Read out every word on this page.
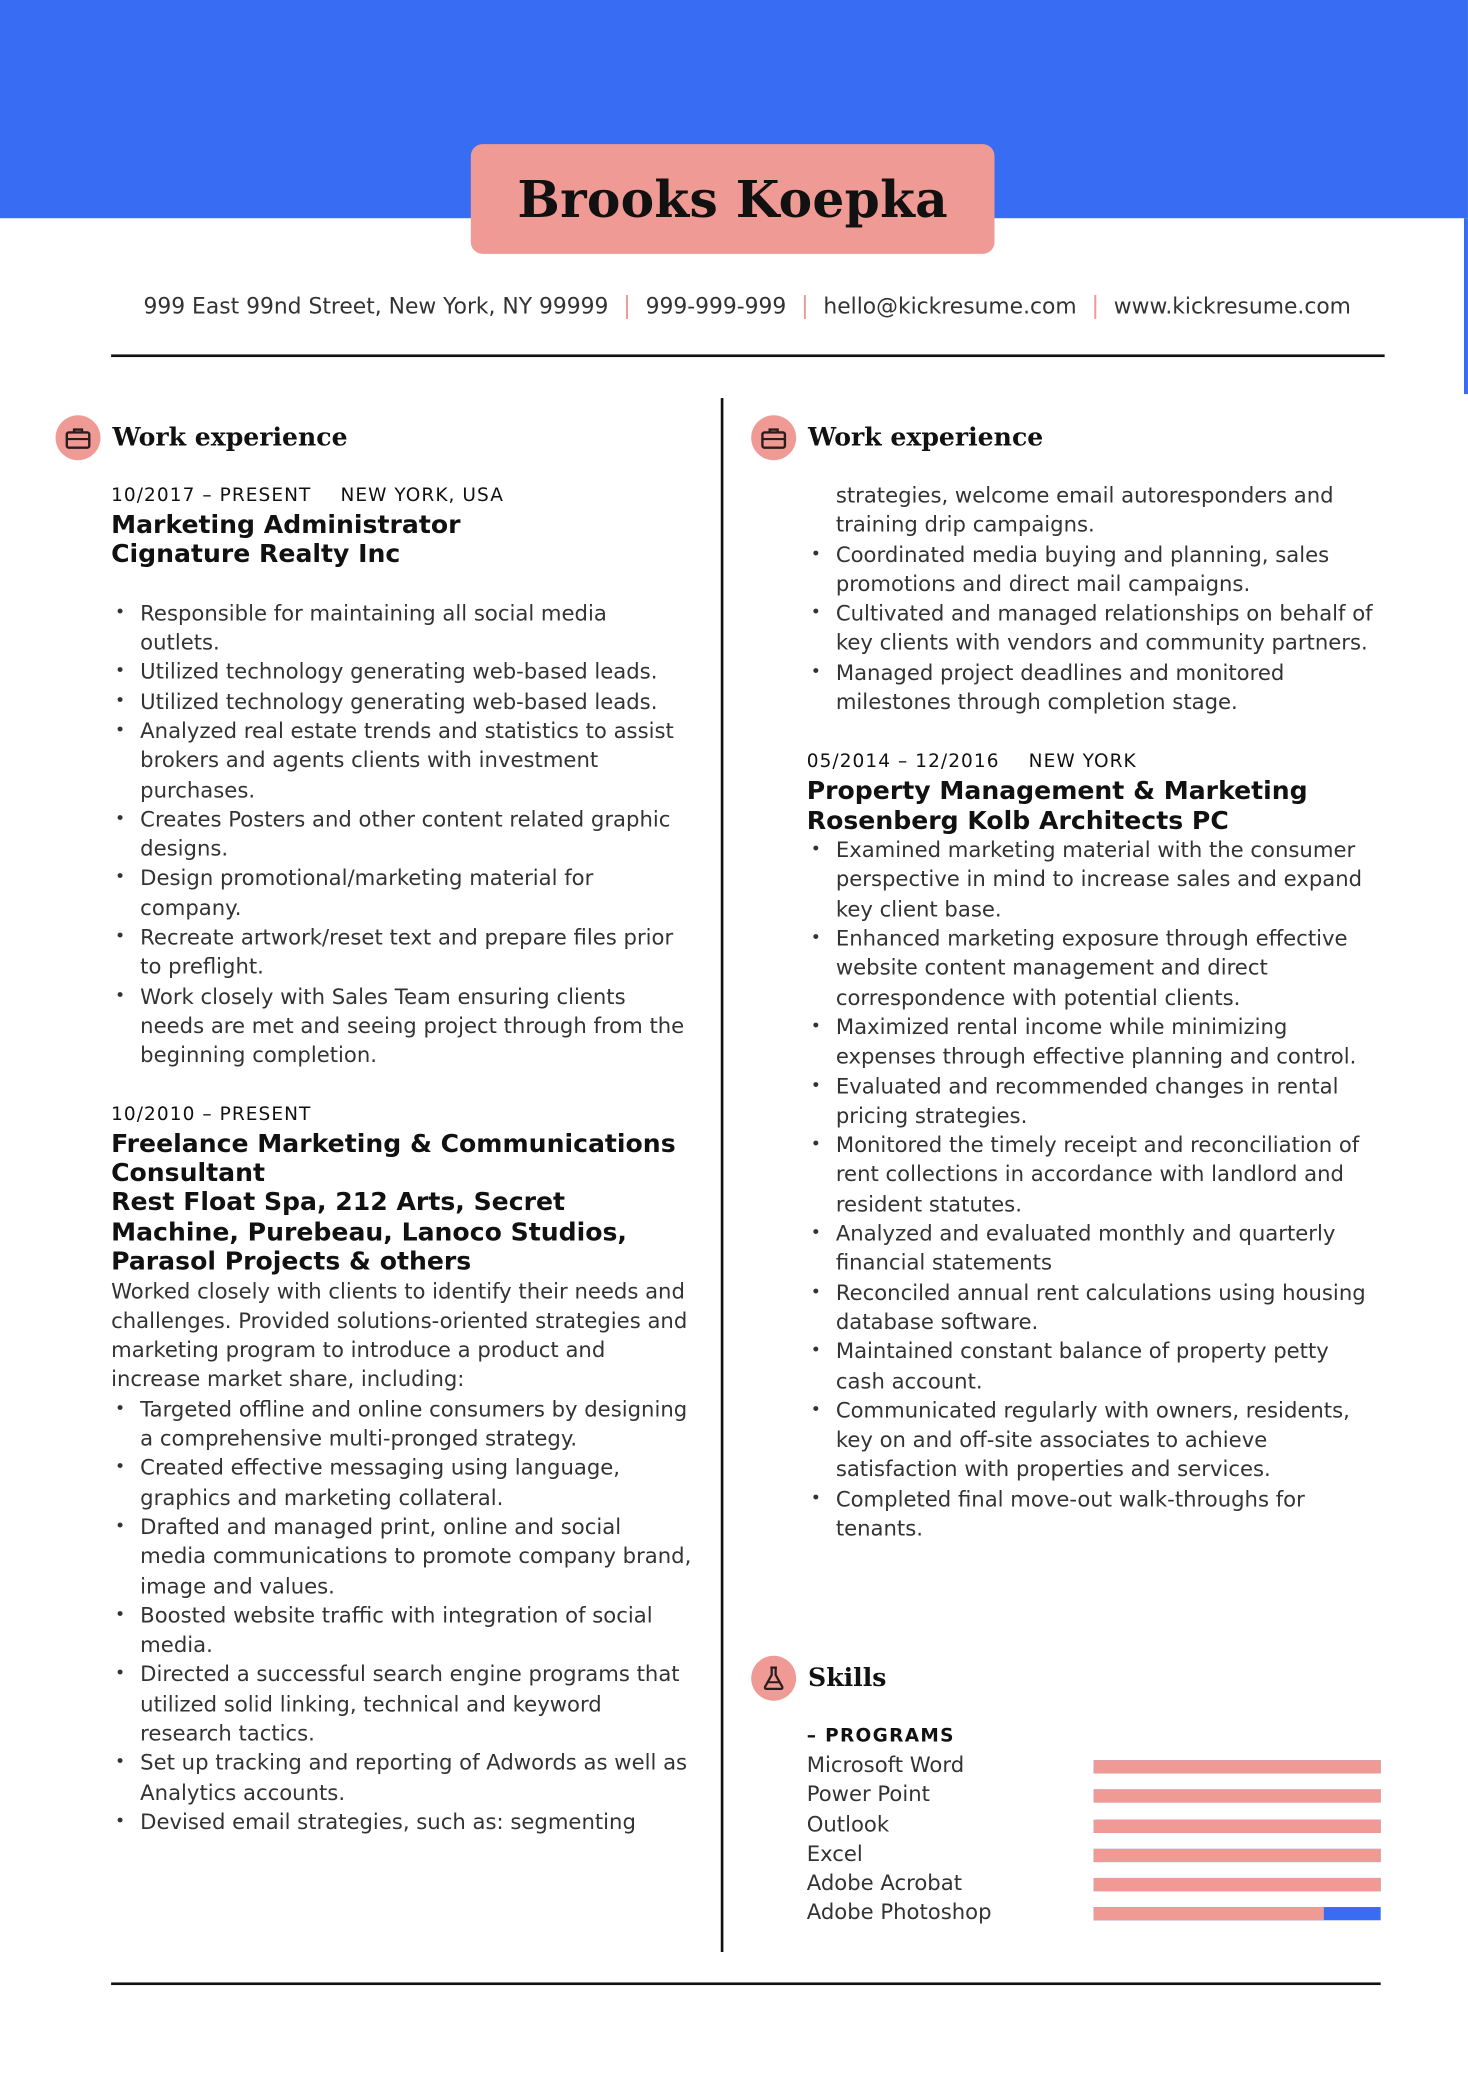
Brooks Koepka
999 East 99nd Street, New York, NY 99999 | 999-999-999 | hello@kickresume.com | www.kickresume.com
Work experience
10/2017 – PRESENT NEW YORK, USA
Marketing Administrator
Cignature Realty Inc
• Responsible for maintaining all social media outlets.
• Utilized technology generating web-based leads.
• Utilized technology generating web-based leads.
• Analyzed real estate trends and statistics to assist brokers and agents clients with investment purchases.
• Creates Posters and other content related graphic designs.
• Design promotional/marketing material for company.
• Recreate artwork/reset text and prepare files prior to preflight.
• Work closely with Sales Team ensuring clients needs are met and seeing project through from the beginning completion.
10/2010 – PRESENT
Freelance Marketing & Communications Consultant
Rest Float Spa, 212 Arts, Secret Machine, Purebeau, Lanoco Studios, Parasol Projects & others

Worked closely with clients to identify their needs and challenges. Provided solutions-oriented strategies and marketing program to introduce a product and increase market share, including:

• Targeted offline and online consumers by designing a comprehensive multi-pronged strategy.
• Created effective messaging using language, graphics and marketing collateral.
• Drafted and managed print, online and social media communications to promote company brand, image and values.
• Boosted website traffic with integration of social media.
• Directed a successful search engine programs that utilized solid linking, technical and keyword research tactics.
• Set up tracking and reporting of Adwords as well as Analytics accounts.
• Devised email strategies, such as: segmenting
Work experience
strategies, welcome email autoresponders and training drip campaigns.
• Coordinated media buying and planning, sales promotions and direct mail campaigns.
• Cultivated and managed relationships on behalf of key clients with vendors and community partners.
• Managed project deadlines and monitored milestones through completion stage.
05/2014 – 12/2016 NEW YORK
Property Management & Marketing
Rosenberg Kolb Architects PC
• Examined marketing material with the consumer perspective in mind to increase sales and expand key client base.
• Enhanced marketing exposure through effective website content management and direct correspondence with potential clients.
• Maximized rental income while minimizing expenses through effective planning and control.
• Evaluated and recommended changes in rental pricing strategies.
• Monitored the timely receipt and reconciliation of rent collections in accordance with landlord and resident statutes.
• Analyzed and evaluated monthly and quarterly financial statements
• Reconciled annual rent calculations using housing database software.
• Maintained constant balance of property petty cash account.
• Communicated regularly with owners, residents, key on and off-site associates to achieve satisfaction with properties and services.
• Completed final move-out walk-throughs for tenants.
Skills
– PROGRAMS
Microsoft Word
Power Point
Outlook
Excel
Adobe Acrobat
Adobe Photoshop
